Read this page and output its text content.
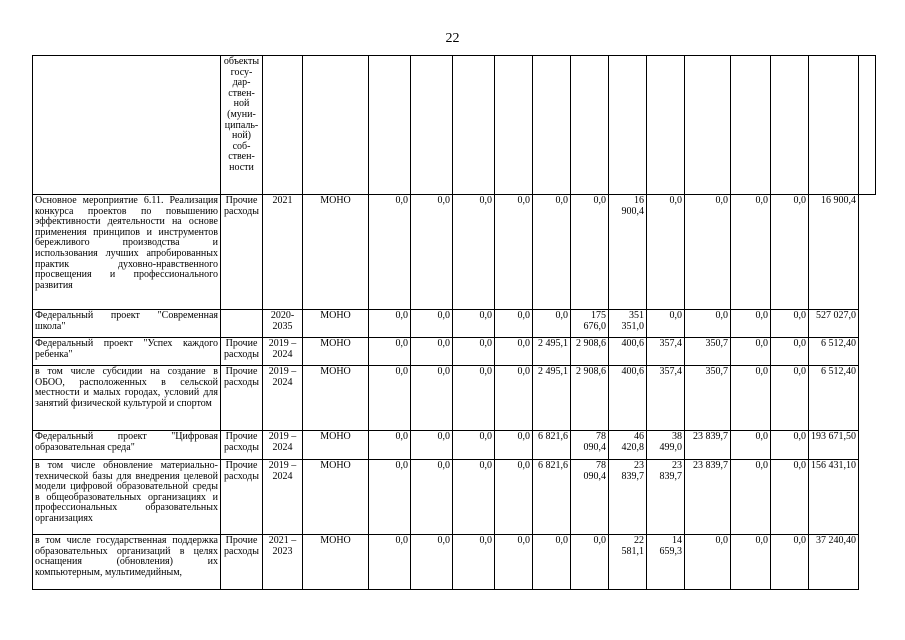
22
	объекты госу-дар-ствен-ной (муни-ципаль-ной) соб-ствен-ности															
Основное мероприятие 6.11. Реализация конкурса проектов по повышению эффективности деятельности на основе применения принципов и инструментов бережливого производства и использования лучших апробированных практик духовно-нравственного просвещения и профессионального развития	Прочие расходы	2021	МОНО	0,0	0,0	0,0	0,0	0,0	0,0	16 900,4	0,0	0,0	0,0	0,0	16 900,4	
Федеральный проект "Современная школа"		2020-2035	МОНО	0,0	0,0	0,0	0,0	0,0	175 676,0	351 351,0	0,0	0,0	0,0	0,0	527 027,0	
Федеральный проект "Успех каждого ребенка"	Прочие расходы	2019 – 2024	МОНО	0,0	0,0	0,0	0,0	2 495,1	2 908,6	400,6	357,4	350,7	0,0	0,0	6 512,40	
в том числе субсидии на создание в ОБОО, расположенных в сельской местности и малых городах, условий для занятий физической культурой и спортом	Прочие расходы	2019 – 2024	МОНО	0,0	0,0	0,0	0,0	2 495,1	2 908,6	400,6	357,4	350,7	0,0	0,0	6 512,40	
Федеральный проект "Цифровая образовательная среда"	Прочие расходы	2019 – 2024	МОНО	0,0	0,0	0,0	0,0	6 821,6	78 090,4	46 420,8	38 499,0	23 839,7	0,0	0,0	193 671,50	
в том числе обновление материально-технической базы для внедрения целевой модели цифровой образовательной среды в общеобразовательных организациях и профессиональных образовательных организациях	Прочие расходы	2019 – 2024	МОНО	0,0	0,0	0,0	0,0	6 821,6	78 090,4	23 839,7	23 839,7	23 839,7	0,0	0,0	156 431,10	
в том числе государственная поддержка образовательных организаций в целях оснащения (обновления) их компьютерным, мультимедийным,	Прочие расходы	2021 – 2023	МОНО	0,0	0,0	0,0	0,0	0,0	0,0	22 581,1	14 659,3	0,0	0,0	0,0	37 240,40	
